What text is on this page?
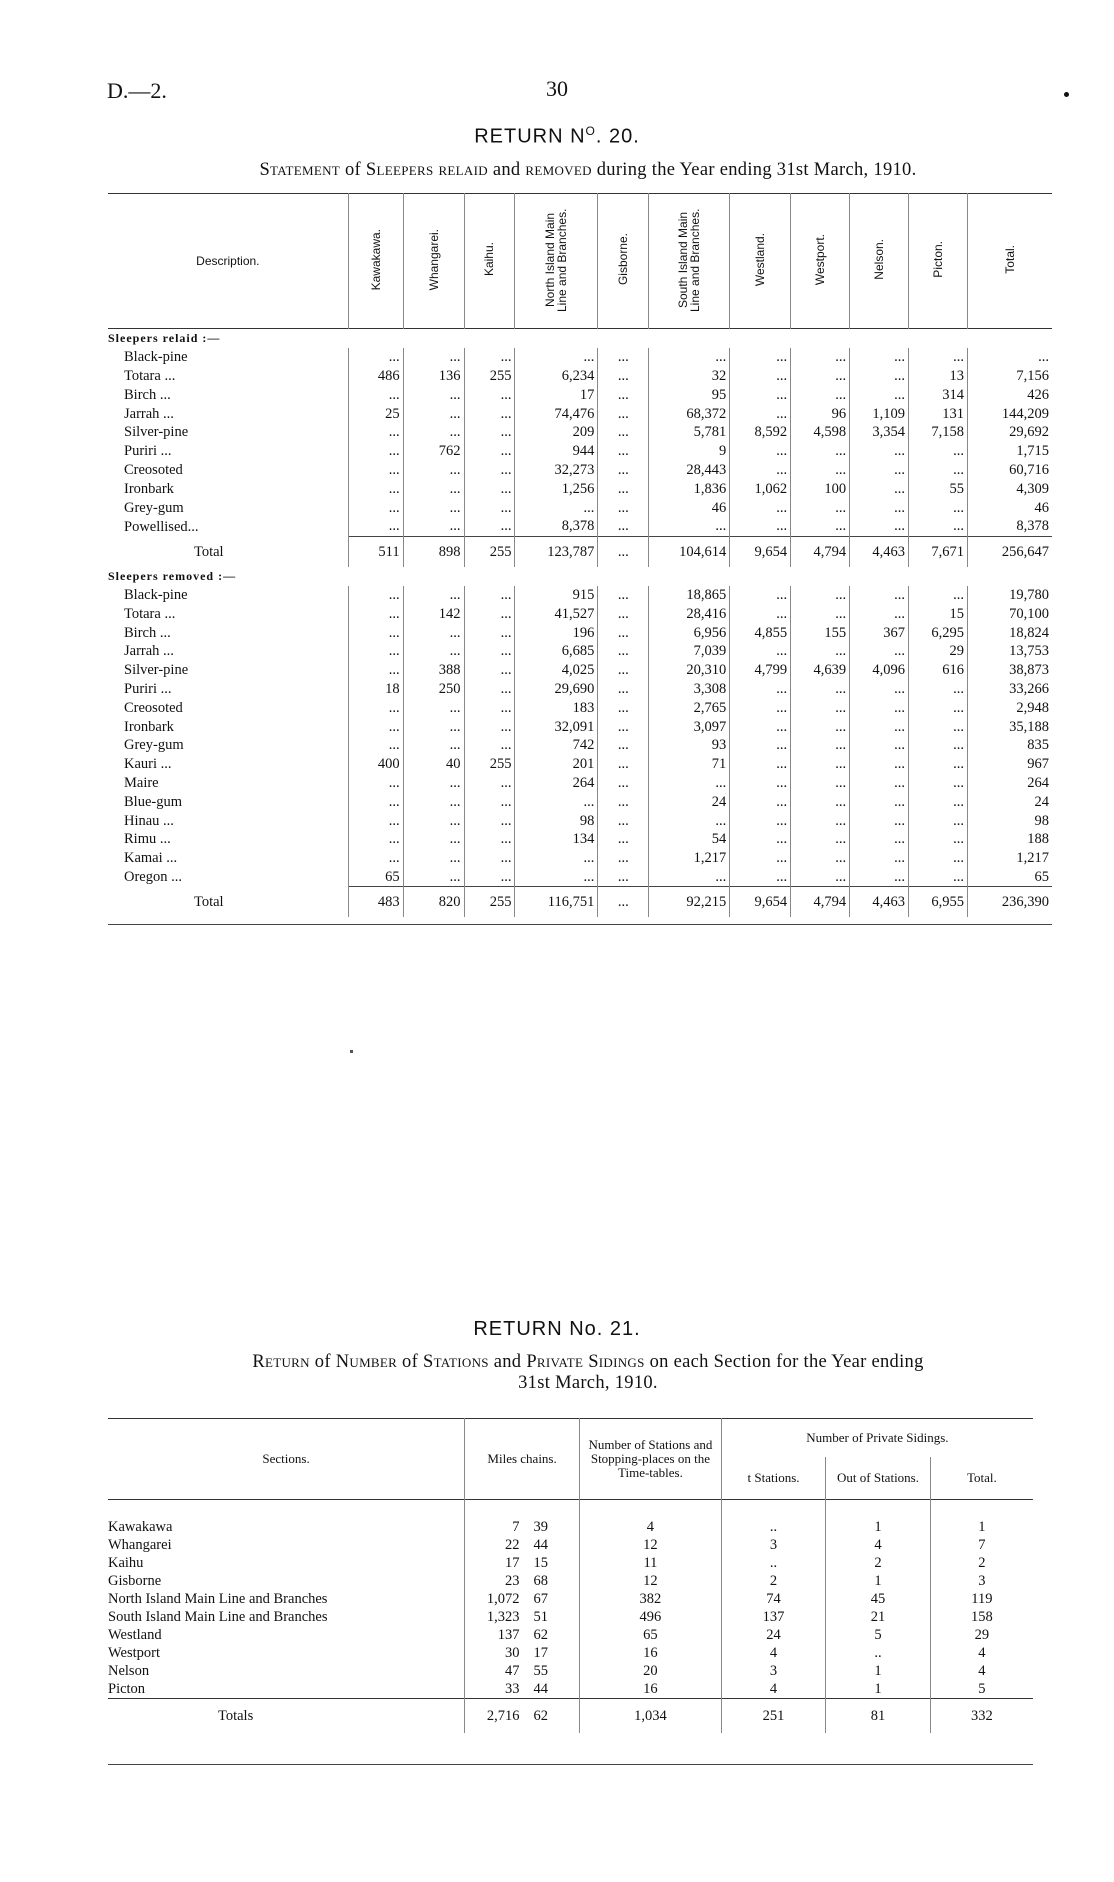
D.—2.	30
RETURN $N^O$. 20.
Statement of Sleepers relaid and removed during the Year ending 31st March, 1910.
Description.	Kawakawa.	Whangarei.	Kaihu.	North Island Main Line and Branches.	Gisborne.	South Island Main Line and Branches.	Westland.	Westport.	Nelson.	Picton.	Total.
Sleepers relaid :—											
Black-pine	...	...	...	...	...	...	...	...	...	...	...
Totara ...	486	136	255	6,234	...	32	...	...	...	13	7,156
Birch ...	...	...	...	17	...	95	...	...	...	314	426
Jarrah ...	25	...	...	74,476	...	68,372	...	96	1,109	131	144,209
Silver-pine	...	...	...	209	...	5,781	8,592	4,598	3,354	7,158	29,692
Puriri ...	...	762	...	944	...	9	...	...	...	...	1,715
Creosoted	...	...	...	32,273	...	28,443	...	...	...	...	60,716
Ironbark	...	...	...	1,256	...	1,836	1,062	100	...	55	4,309
Grey-gum	...	...	...	...	...	46	...	...	...	...	46
Powellised...	...	...	...	8,378	...	...	...	...	...	...	8,378
Total	511	898	255	123,787	...	104,614	9,654	4,794	4,463	7,671	256,647
Sleepers removed :—											
Black-pine	...	...	...	915	...	18,865	...	...	...	...	19,780
Totara ...	...	142	...	41,527	...	28,416	...	...	...	15	70,100
Birch ...	...	...	...	196	...	6,956	4,855	155	367	6,295	18,824
Jarrah ...	...	...	...	6,685	...	7,039	...	...	...	29	13,753
Silver-pine	...	388	...	4,025	...	20,310	4,799	4,639	4,096	616	38,873
Puriri ...	18	250	...	29,690	...	3,308	...	...	...	...	33,266
Creosoted	...	...	...	183	...	2,765	...	...	...	...	2,948
Ironbark	...	...	...	32,091	...	3,097	...	...	...	...	35,188
Grey-gum	...	...	...	742	...	93	...	...	...	...	835
Kauri ...	400	40	255	201	...	71	...	...	...	...	967
Maire	...	...	...	264	...	...	...	...	...	...	264
Blue-gum	...	...	...	...	...	24	...	...	...	...	24
Hinau ...	...	...	...	98	...	...	...	...	...	...	98
Rimu ...	...	...	...	134	...	54	...	...	...	...	188
Kamai ...	...	...	...	...	...	1,217	...	...	...	...	1,217
Oregon ...	65	...	...	...	...	...	...	...	...	...	65
Total	483	820	255	116,751	...	92,215	9,654	4,794	4,463	6,955	236,390
RETURN No. 21.
Return of Number of Stations and Private Sidings on each Section for the Year ending
31st March, 1910.
Sections.	Miles chains.		Number of Stations and Stopping-places on the Time-tables.	Number of Private Sidings.		
				t Stations.	Out of Stations.	Total.

Kawakawa	7	39	4	..	1	1
Whangarei	22	44	12	3	4	7
Kaihu	17	15	11	..	2	2
Gisborne	23	68	12	2	1	3
North Island Main Line and Branches	1,072	67	382	74	45	119
South Island Main Line and Branches	1,323	51	496	137	21	158
Westland	137	62	65	24	5	29
Westport	30	17	16	4	..	4
Nelson	47	55	20	3	1	4
Picton	33	44	16	4	1	5
Totals	2,716	62	1,034	251	81	332
